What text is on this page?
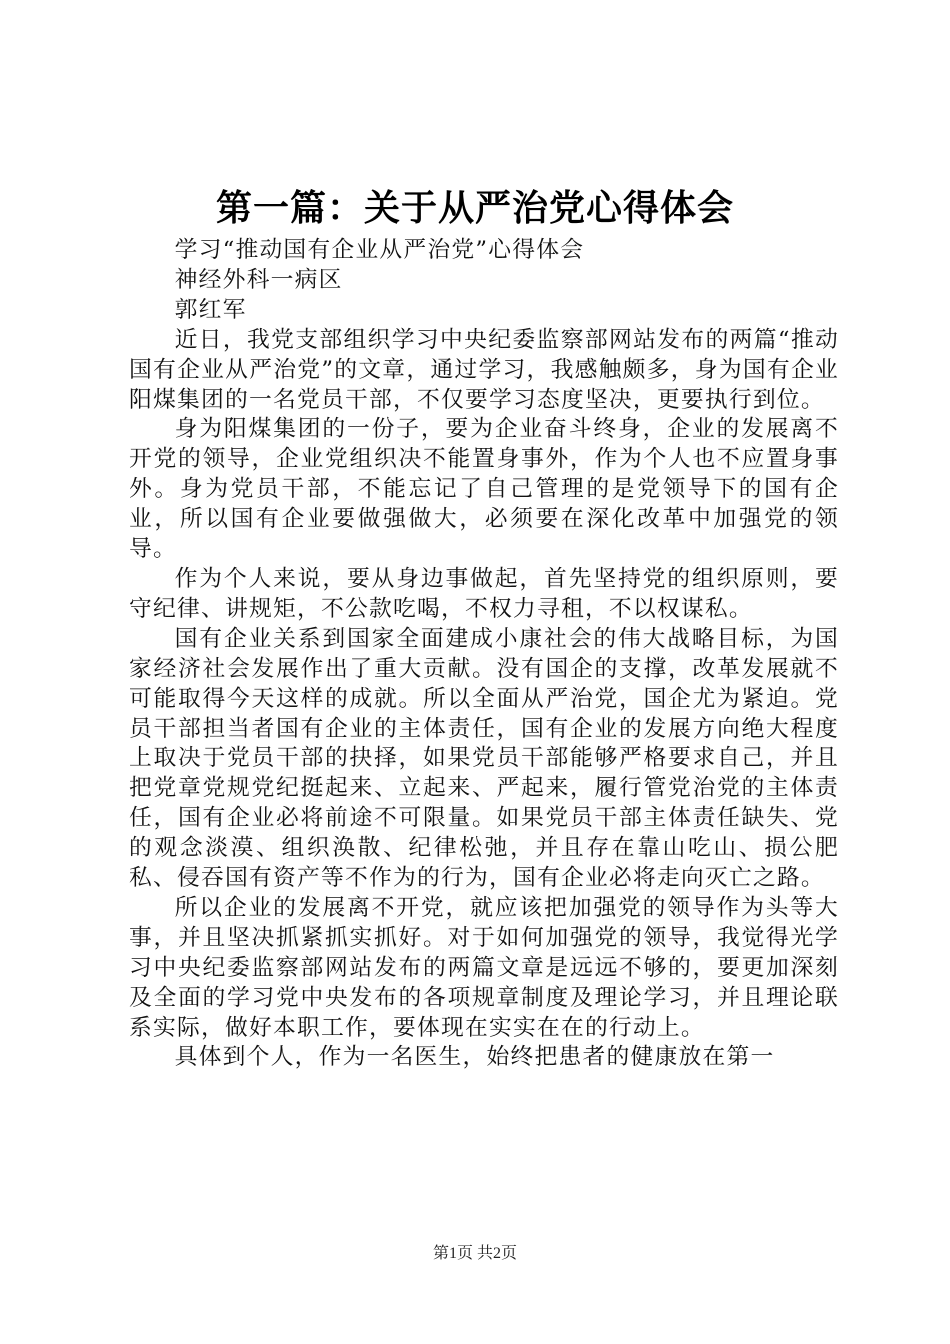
第一篇：关于从严治党心得体会

学习“推动国有企业从严治党”心得体会

神经外科一病区

郭红军

近日，我党支部组织学习中央纪委监察部网站发布的两篇“推动国有企业从严治党”的文章，通过学习，我感触颇多，身为国有企业阳煤集团的一名党员干部，不仅要学习态度坚决，更要执行到位。

身为阳煤集团的一份子，要为企业奋斗终身，企业的发展离不开党的领导，企业党组织决不能置身事外，作为个人也不应置身事外。身为党员干部，不能忘记了自己管理的是党领导下的国有企业，所以国有企业要做强做大，必须要在深化改革中加强党的领导。

作为个人来说，要从身边事做起，首先坚持党的组织原则，要守纪律、讲规矩，不公款吃喝，不权力寻租，不以权谋私。

国有企业关系到国家全面建成小康社会的伟大战略目标，为国家经济社会发展作出了重大贡献。没有国企的支撑，改革发展就不可能取得今天这样的成就。所以全面从严治党，国企尤为紧迫。党员干部担当者国有企业的主体责任，国有企业的发展方向绝大程度上取决于党员干部的抉择，如果党员干部能够严格要求自己，并且把党章党规党纪挺起来、立起来、严起来，履行管党治党的主体责任，国有企业必将前途不可限量。如果党员干部主体责任缺失、党的观念淡漠、组织涣散、纪律松弛，并且存在靠山吃山、损公肥私、侵吞国有资产等不作为的行为，国有企业必将走向灭亡之路。

所以企业的发展离不开党，就应该把加强党的领导作为头等大事，并且坚决抓紧抓实抓好。对于如何加强党的领导，我觉得光学习中央纪委监察部网站发布的两篇文章是远远不够的，要更加深刻及全面的学习党中央发布的各项规章制度及理论学习，并且理论联系实际，做好本职工作，要体现在实实在在的行动上。

具体到个人，作为一名医生，始终把患者的健康放在第一

第1页 共2页
